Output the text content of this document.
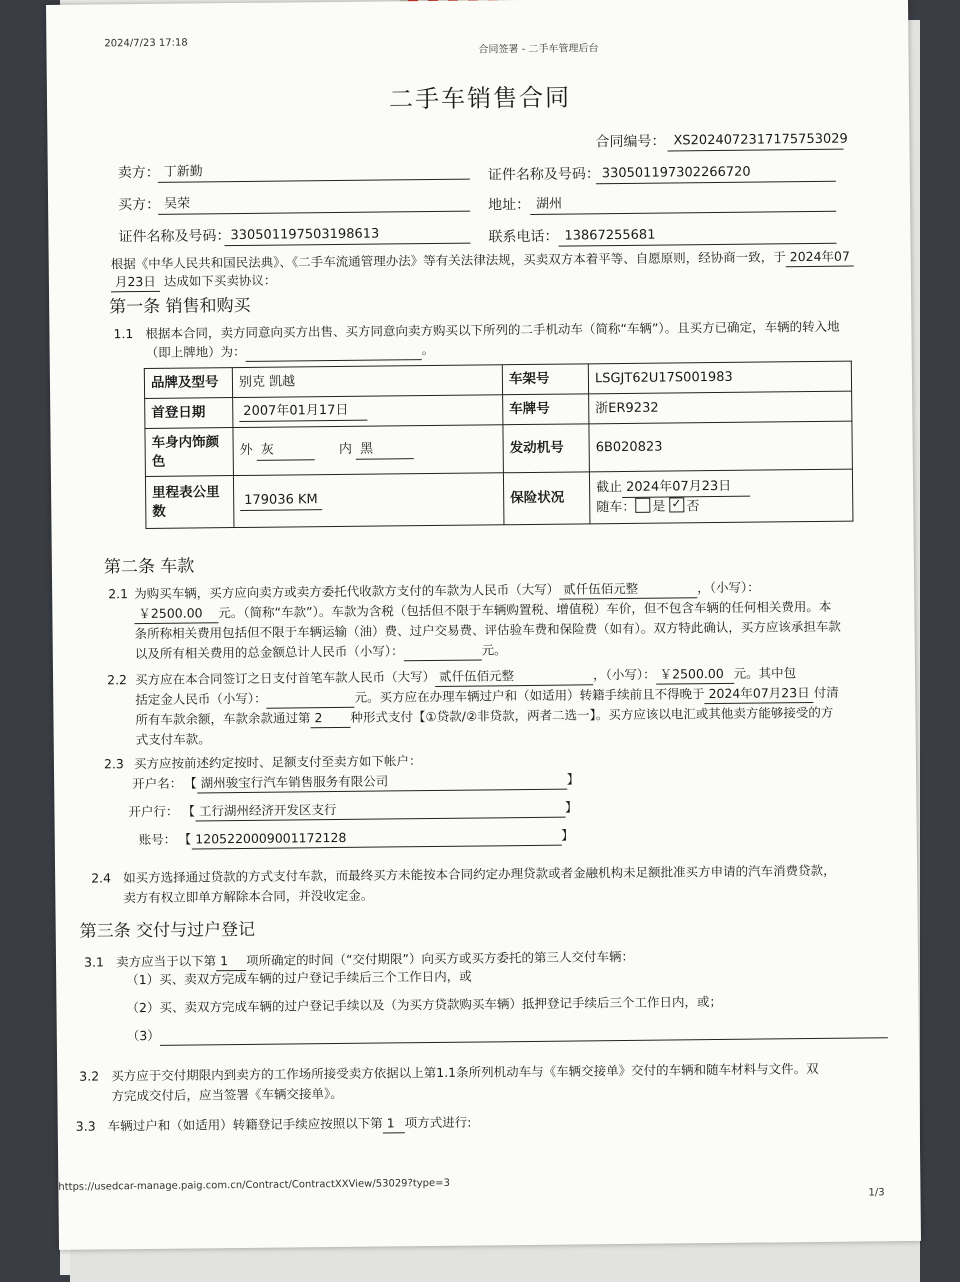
2024/7/23 17:18	合同签署 - 二手车管理后台
二手车销售合同
合同编号： XS2024072317175753029
卖方： 丁新勤	证件名称及号码： 330501197302266720
买方： 吴荣	地址： 湖州
证件名称及号码： 330501197503198613	联系电话： 13867255681
根据《中华人民共和国民法典》、《二手车流通管理办法》等有关法律法规，买卖双方本着平等、自愿原则，经协商一致，于 2024年07
月23日 达成如下买卖协议：
第一条 销售和购买
1.1 根据本合同，卖方同意向买方出售、买方同意向卖方购买以下所列的二手机动车（简称“车辆”）。且买方已确定，车辆的转入地
（即上牌地）为：	。
品牌及型号	别克 凯越	车架号	LSGJT62U17S001983
首登日期	2007年01月17日	车牌号	浙ER9232
车身内饰颜色	外 灰 内 黑	发动机号	6B020823
里程表公里数	179036 KM	保险状况	截止 2024年07月23日
随车： 是 ✓ 否
第二条 车款
2.1 为购买车辆，买方应向卖方或卖方委托代收款方支付的车款为人民币（大写） 贰仟伍佰元整	，（小写）：
￥2500.00 元。（简称“车款”）。车款为含税（包括但不限于车辆购置税、增值税）车价，但不包含车辆的任何相关费用。本
条所称相关费用包括但不限于车辆运输（油）费、过户交易费、评估验车费和保险费（如有）。双方特此确认，买方应该承担车款
以及所有相关费用的总金额总计人民币（小写）：	元。
2.2 买方应在本合同签订之日支付首笔车款人民币（大写） 贰仟伍佰元整	，（小写）： ￥2500.00 元。其中包
括定金人民币（小写）：	元。买方应在办理车辆过户和（如适用）转籍手续前且不得晚于 2024年07月23日 付清
所有车款余额，车款余款通过第 2 种形式支付【①贷款/②非贷款，两者二选一】。买方应该以电汇或其他卖方能够接受的方
式支付车款。
2.3 买方应按前述约定按时、足额支付至卖方如下帐户：
开户名： 【 湖州骏宝行汽车销售服务有限公司	】
开户行： 【 工行湖州经济开发区支行	】
账号： 【 1205220009001172128	】
2.4 如买方选择通过贷款的方式支付车款，而最终买方未能按本合同约定办理贷款或者金融机构未足额批准买方申请的汽车消费贷款，
卖方有权立即单方解除本合同，并没收定金。
第三条 交付与过户登记
3.1 卖方应当于以下第 1 项所确定的时间（“交付期限”）向买方或买方委托的第三人交付车辆：
（1）买、卖双方完成车辆的过户登记手续后三个工作日内，或
（2）买、卖双方完成车辆的过户登记手续以及（为买方贷款购买车辆）抵押登记手续后三个工作日内，或；
（3）
3.2 买方应于交付期限内到卖方的工作场所接受卖方依据以上第1.1条所列机动车与《车辆交接单》交付的车辆和随车材料与文件。双
方完成交付后，应当签署《车辆交接单》。
3.3 车辆过户和（如适用）转籍登记手续应按照以下第 1 项方式进行:
https://usedcar-manage.paig.com.cn/Contract/ContractXXView/53029?type=3	1/3
